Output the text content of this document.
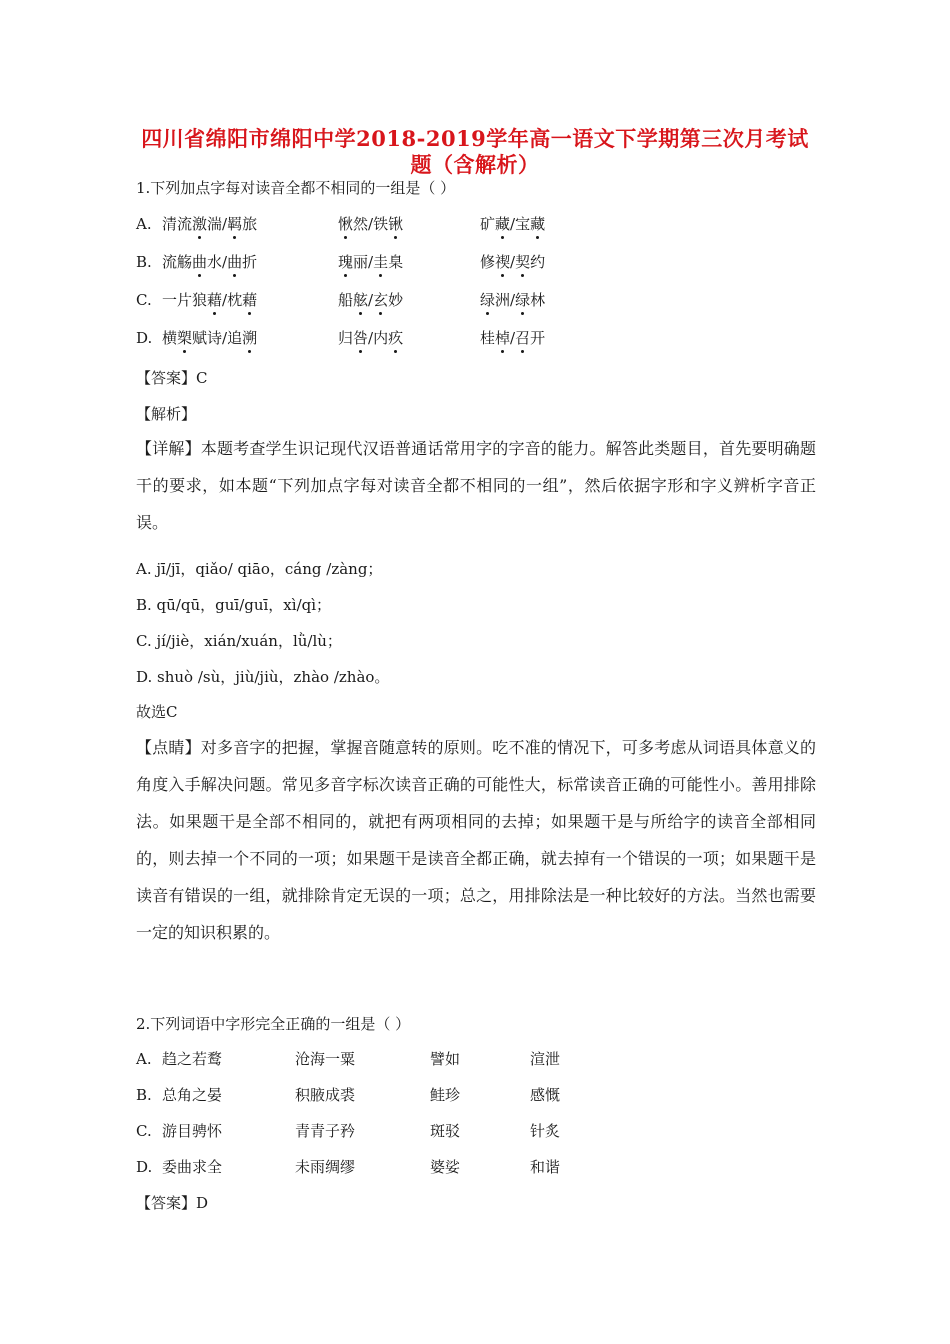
四川省绵阳市绵阳中学2018-2019学年高一语文下学期第三次月考试
题（含解析）
1.下列加点字每对读音全都不相同的一组是（ ）
A. 清流激湍/羁旅	愀然/铁锹	矿藏/宝藏
B. 流觞曲水/曲折	瑰丽/圭臬	修禊/契约
C. 一片狼藉/枕藉	船舷/玄妙	绿洲/绿林
D. 横槊赋诗/追溯	归咎/内疚	桂棹/召开
【答案】C
【解析】
【详解】本题考查学生识记现代汉语普通话常用字的字音的能力。解答此类题目，首先要明确题干的要求，如本题“下列加点字每对读音全都不相同的一组”，然后依据字形和字义辨析字音正误。
A. jī/jī，qiǎo/ qiāo，cáng /zàng；
B. qū/qū，guī/guī，xì/qì；
C. jí/jiè，xián/xuán，lǜ/lù；
D. shuò /sù，jiù/jiù，zhào /zhào。
故选C
【点睛】对多音字的把握，掌握音随意转的原则。吃不准的情况下，可多考虑从词语具体意义的角度入手解决问题。常见多音字标次读音正确的可能性大，标常读音正确的可能性小。善用排除法。如果题干是全部不相同的，就把有两项相同的去掉；如果题干是与所给字的读音全部相同的，则去掉一个不同的一项；如果题干是读音全都正确，就去掉有一个错误的一项；如果题干是读音有错误的一组，就排除肯定无误的一项；总之，用排除法是一种比较好的方法。当然也需要一定的知识积累的。
2.下列词语中字形完全正确的一组是（ ）
A. 趋之若鹜	沧海一粟	譬如	渲泄
B. 总角之晏	积腋成裘	鲑珍	感慨
C. 游目骋怀	青青子矜	斑驳	针炙
D. 委曲求全	未雨绸缪	婆娑	和谐
【答案】D
